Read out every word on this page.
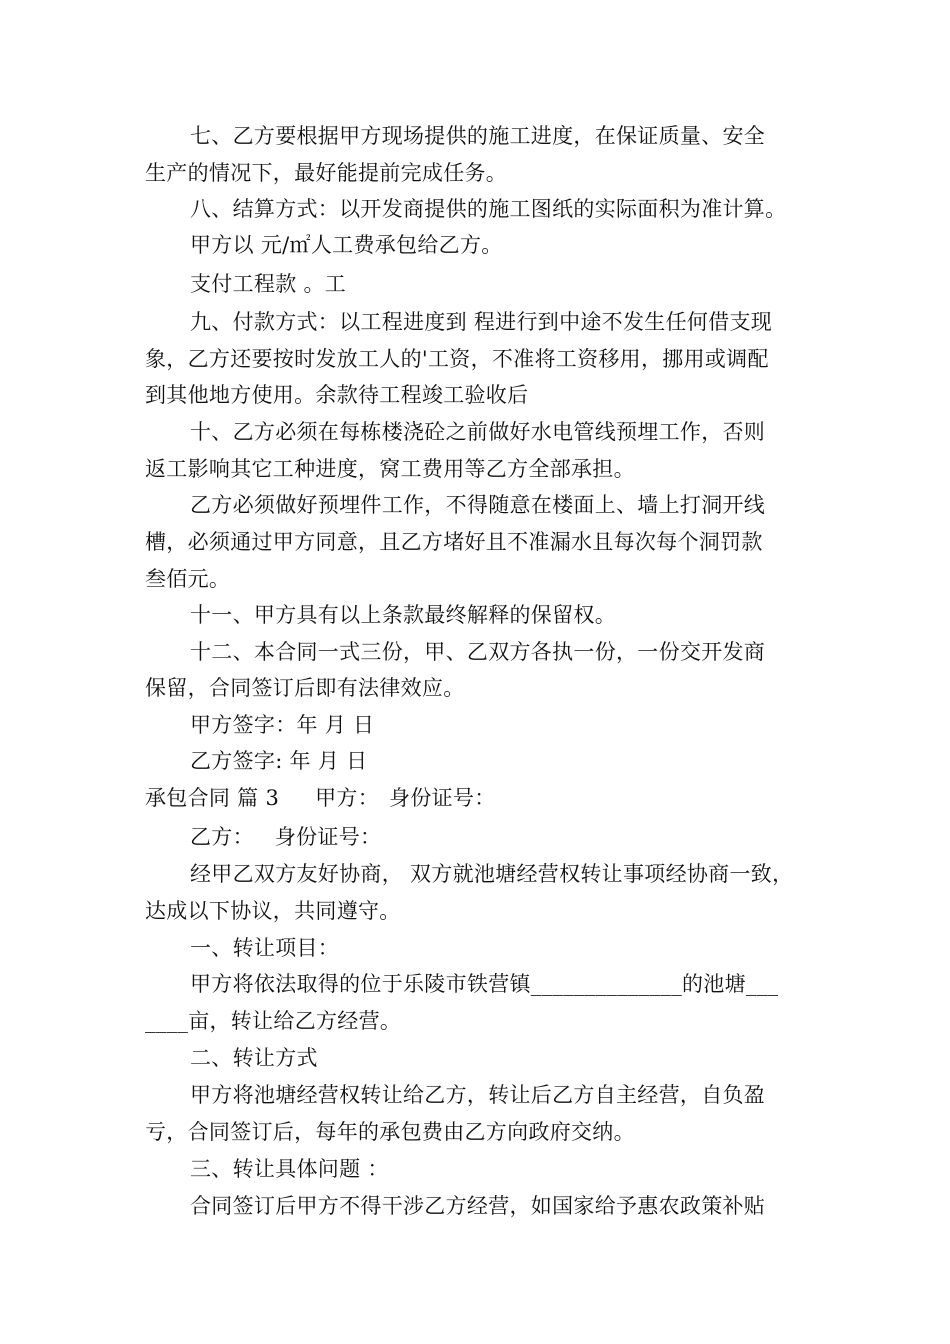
七、乙方要根据甲方现场提供的施工进度，在保证质量、安全
生产的情况下，最好能提前完成任务。
八、结算方式：以开发商提供的施工图纸的实际面积为准计算。
甲方以 元/㎡人工费承包给乙方。
支付工程款 。工
九、付款方式：以工程进度到 程进行到中途不发生任何借支现
象，乙方还要按时发放工人的'工资，不准将工资移用，挪用或调配
到其他地方使用。余款待工程竣工验收后
十、乙方必须在每栋楼浇砼之前做好水电管线预埋工作，否则
返工影响其它工种进度，窝工费用等乙方全部承担。
乙方必须做好预埋件工作，不得随意在楼面上、墙上打洞开线
槽，必须通过甲方同意，且乙方堵好且不准漏水且每次每个洞罚款
叁佰元。
十一、甲方具有以上条款最终解释的保留权。
十二、本合同一式三份，甲、乙双方各执一份，一份交开发商
保留，合同签订后即有法律效应。
甲方签字：年 月 日
乙方签字: 年 月 日
承包合同 篇 3 甲方： 身份证号：
乙方：   身份证号：
经甲乙双方友好协商， 双方就池塘经营权转让事项经协商一致，
达成以下协议，共同遵守。
一、转让项目：
甲方将依法取得的位于乐陵市铁营镇______________的池塘___
____亩，转让给乙方经营。
二、转让方式
甲方将池塘经营权转让给乙方，转让后乙方自主经营，自负盈
亏，合同签订后，每年的承包费由乙方向政府交纳。
三、转让具体问题 ：
合同签订后甲方不得干涉乙方经营，如国家给予惠农政策补贴
